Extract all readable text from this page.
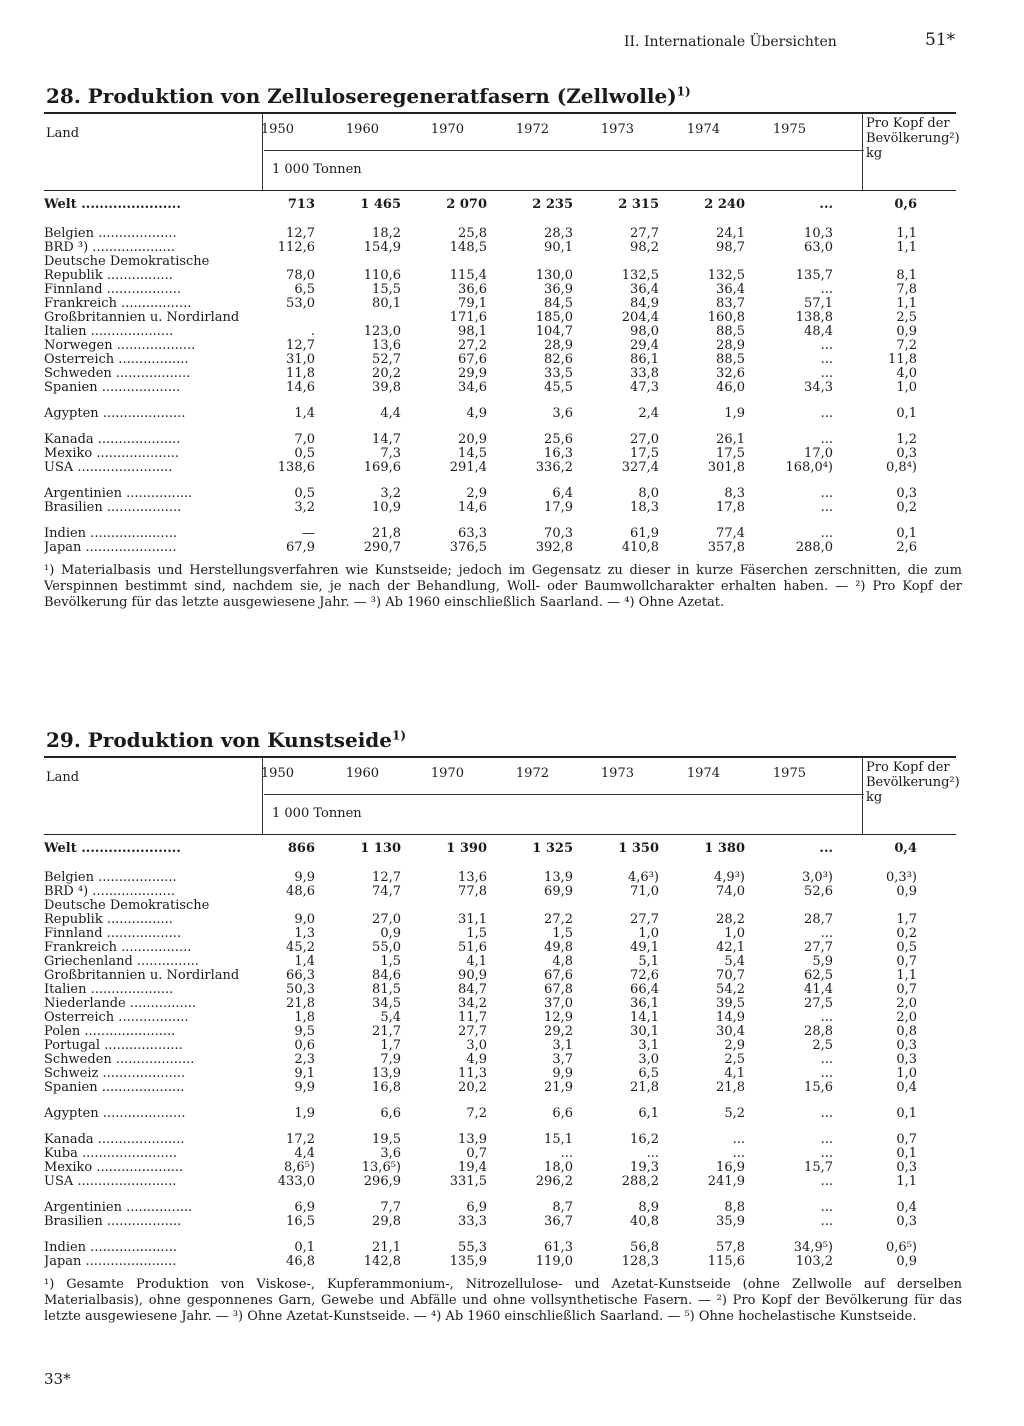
II. Internationale Übersichten	51*
28. Produktion von Zelluloseregeneratfasern (Zellwolle)$^{1)}$
Land	1950	1960	1970	1972	1973	1974	1975
1 000 Tonnen
Pro Kopf der Bevölkerung²) kg
Welt ......................	713	1 465	2 070	2 235	2 315	2 240	...	0,6

Belgien ...................	12,7	18,2	25,8	28,3	27,7	24,1	10,3	1,1
BRD ³) ....................	112,6	154,9	148,5	90,1	98,2	98,7	63,0	1,1
Deutsche Demokratische								
Republik ................	78,0	110,6	115,4	130,0	132,5	132,5	135,7	8,1
Finnland ..................	6,5	15,5	36,6	36,9	36,4	36,4	...	7,8
Frankreich .................	53,0	80,1	79,1	84,5	84,9	83,7	57,1	1,1
Großbritannien u. Nordirland			171,6	185,0	204,4	160,8	138,8	2,5
Italien ....................	.	123,0	98,1	104,7	98,0	88,5	48,4	0,9
Norwegen ...................	12,7	13,6	27,2	28,9	29,4	28,9	...	7,2
Österreich .................	31,0	52,7	67,6	82,6	86,1	88,5	...	11,8
Schweden ..................	11,8	20,2	29,9	33,5	33,8	32,6	...	4,0
Spanien ...................	14,6	39,8	34,6	45,5	47,3	46,0	34,3	1,0

Ägypten ....................	1,4	4,4	4,9	3,6	2,4	1,9	...	0,1

Kanada ....................	7,0	14,7	20,9	25,6	27,0	26,1	...	1,2
Mexiko ....................	0,5	7,3	14,5	16,3	17,5	17,5	17,0	0,3
USA .......................	138,6	169,6	291,4	336,2	327,4	301,8	168,0⁴)	0,8⁴)

Argentinien ................	0,5	3,2	2,9	6,4	8,0	8,3	...	0,3
Brasilien ..................	3,2	10,9	14,6	17,9	18,3	17,8	...	0,2

Indien .....................	—	21,8	63,3	70,3	61,9	77,4	...	0,1
Japan ......................	67,9	290,7	376,5	392,8	410,8	357,8	288,0	2,6
¹) Materialbasis und Herstellungsverfahren wie Kunstseide; jedoch im Gegensatz zu dieser in kurze Fäserchen zerschnitten, die zum Verspinnen bestimmt sind, nachdem sie, je nach der Behandlung, Woll- oder Baumwollcharakter erhalten haben. — ²) Pro Kopf der Bevölkerung für das letzte ausgewiesene Jahr. — ³) Ab 1960 einschließlich Saarland. — ⁴) Ohne Azetat.
29. Produktion von Kunstseide$^{1)}$
Land	1950	1960	1970	1972	1973	1974	1975
1 000 Tonnen
Pro Kopf der Bevölkerung²) kg
Welt ......................	866	1 130	1 390	1 325	1 350	1 380	...	0,4

Belgien ...................	9,9	12,7	13,6	13,9	4,6³)	4,9³)	3,0³)	0,3³)
BRD ⁴) ....................	48,6	74,7	77,8	69,9	71,0	74,0	52,6	0,9
Deutsche Demokratische								
Republik ................	9,0	27,0	31,1	27,2	27,7	28,2	28,7	1,7
Finnland ..................	1,3	0,9	1,5	1,5	1,0	1,0	...	0,2
Frankreich .................	45,2	55,0	51,6	49,8	49,1	42,1	27,7	0,5
Griechenland ...............	1,4	1,5	4,1	4,8	5,1	5,4	5,9	0,7
Großbritannien u. Nordirland	66,3	84,6	90,9	67,6	72,6	70,7	62,5	1,1
Italien ....................	50,3	81,5	84,7	67,8	66,4	54,2	41,4	0,7
Niederlande ................	21,8	34,5	34,2	37,0	36,1	39,5	27,5	2,0
Österreich .................	1,8	5,4	11,7	12,9	14,1	14,9	...	2,0
Polen ......................	9,5	21,7	27,7	29,2	30,1	30,4	28,8	0,8
Portugal ...................	0,6	1,7	3,0	3,1	3,1	2,9	2,5	0,3
Schweden ...................	2,3	7,9	4,9	3,7	3,0	2,5	...	0,3
Schweiz ....................	9,1	13,9	11,3	9,9	6,5	4,1	...	1,0
Spanien ....................	9,9	16,8	20,2	21,9	21,8	21,8	15,6	0,4

Ägypten ....................	1,9	6,6	7,2	6,6	6,1	5,2	...	0,1

Kanada .....................	17,2	19,5	13,9	15,1	16,2	...	...	0,7
Kuba .......................	4,4	3,6	0,7	...	...	...	...	0,1
Mexiko .....................	8,6⁵)	13,6⁵)	19,4	18,0	19,3	16,9	15,7	0,3
USA ........................	433,0	296,9	331,5	296,2	288,2	241,9	...	1,1

Argentinien ................	6,9	7,7	6,9	8,7	8,9	8,8	...	0,4
Brasilien ..................	16,5	29,8	33,3	36,7	40,8	35,9	...	0,3

Indien .....................	0,1	21,1	55,3	61,3	56,8	57,8	34,9⁵)	0,6⁵)
Japan ......................	46,8	142,8	135,9	119,0	128,3	115,6	103,2	0,9
¹) Gesamte Produktion von Viskose-, Kupferammonium-, Nitrozellulose- und Azetat-Kunstseide (ohne Zellwolle auf derselben Materialbasis), ohne gesponnenes Garn, Gewebe und Abfälle und ohne vollsynthetische Fasern. — ²) Pro Kopf der Bevölkerung für das letzte ausgewiesene Jahr. — ³) Ohne Azetat-Kunstseide. — ⁴) Ab 1960 einschließlich Saarland. — ⁵) Ohne hochelastische Kunstseide.
33*
